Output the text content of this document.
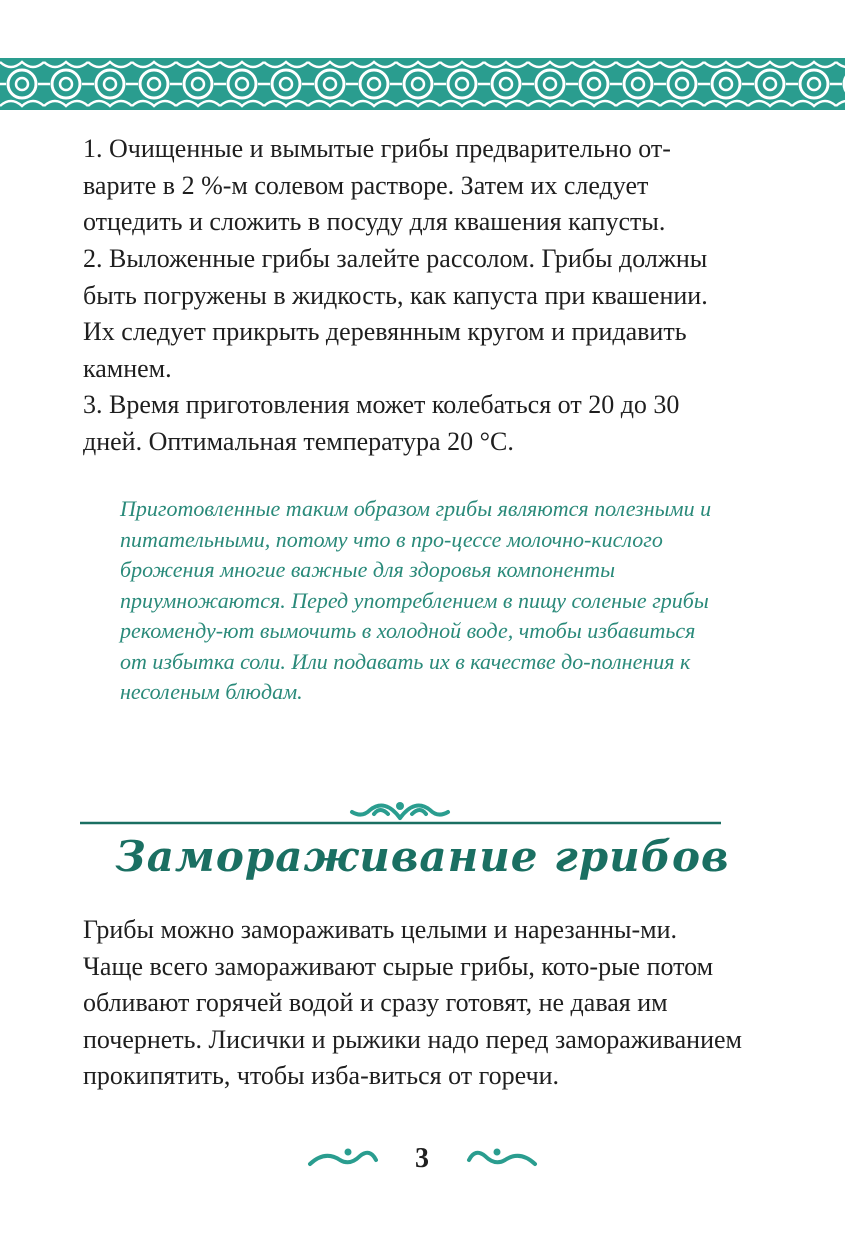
1. Очищенные и вымытые грибы предварительно от-варите в 2 %-м солевом растворе. Затем их следует отцедить и сложить в посуду для квашения капусты.

2. Выложенные грибы залейте рассолом. Грибы должны быть погружены в жидкость, как капуста при квашении. Их следует прикрыть деревянным кругом и придавить камнем.

3. Время приготовления может колебаться от 20 до 30 дней. Оптимальная температура 20 °С.

Приготовленные таким образом грибы являются полезными и питательными, потому что в про-цессе молочно-кислого брожения многие важные для здоровья компоненты приумножаются. Перед употреблением в пищу соленые грибы рекоменду-ют вымочить в холодной воде, чтобы избавиться от избытка соли. Или подавать их в качестве до-полнения к несоленым блюдам.

Замораживание грибов

Грибы можно замораживать целыми и нарезанны-ми. Чаще всего замораживают сырые грибы, кото-рые потом обливают горячей водой и сразу готовят, не давая им почернеть. Лисички и рыжики надо перед замораживанием прокипятить, чтобы изба-виться от горечи.

3
